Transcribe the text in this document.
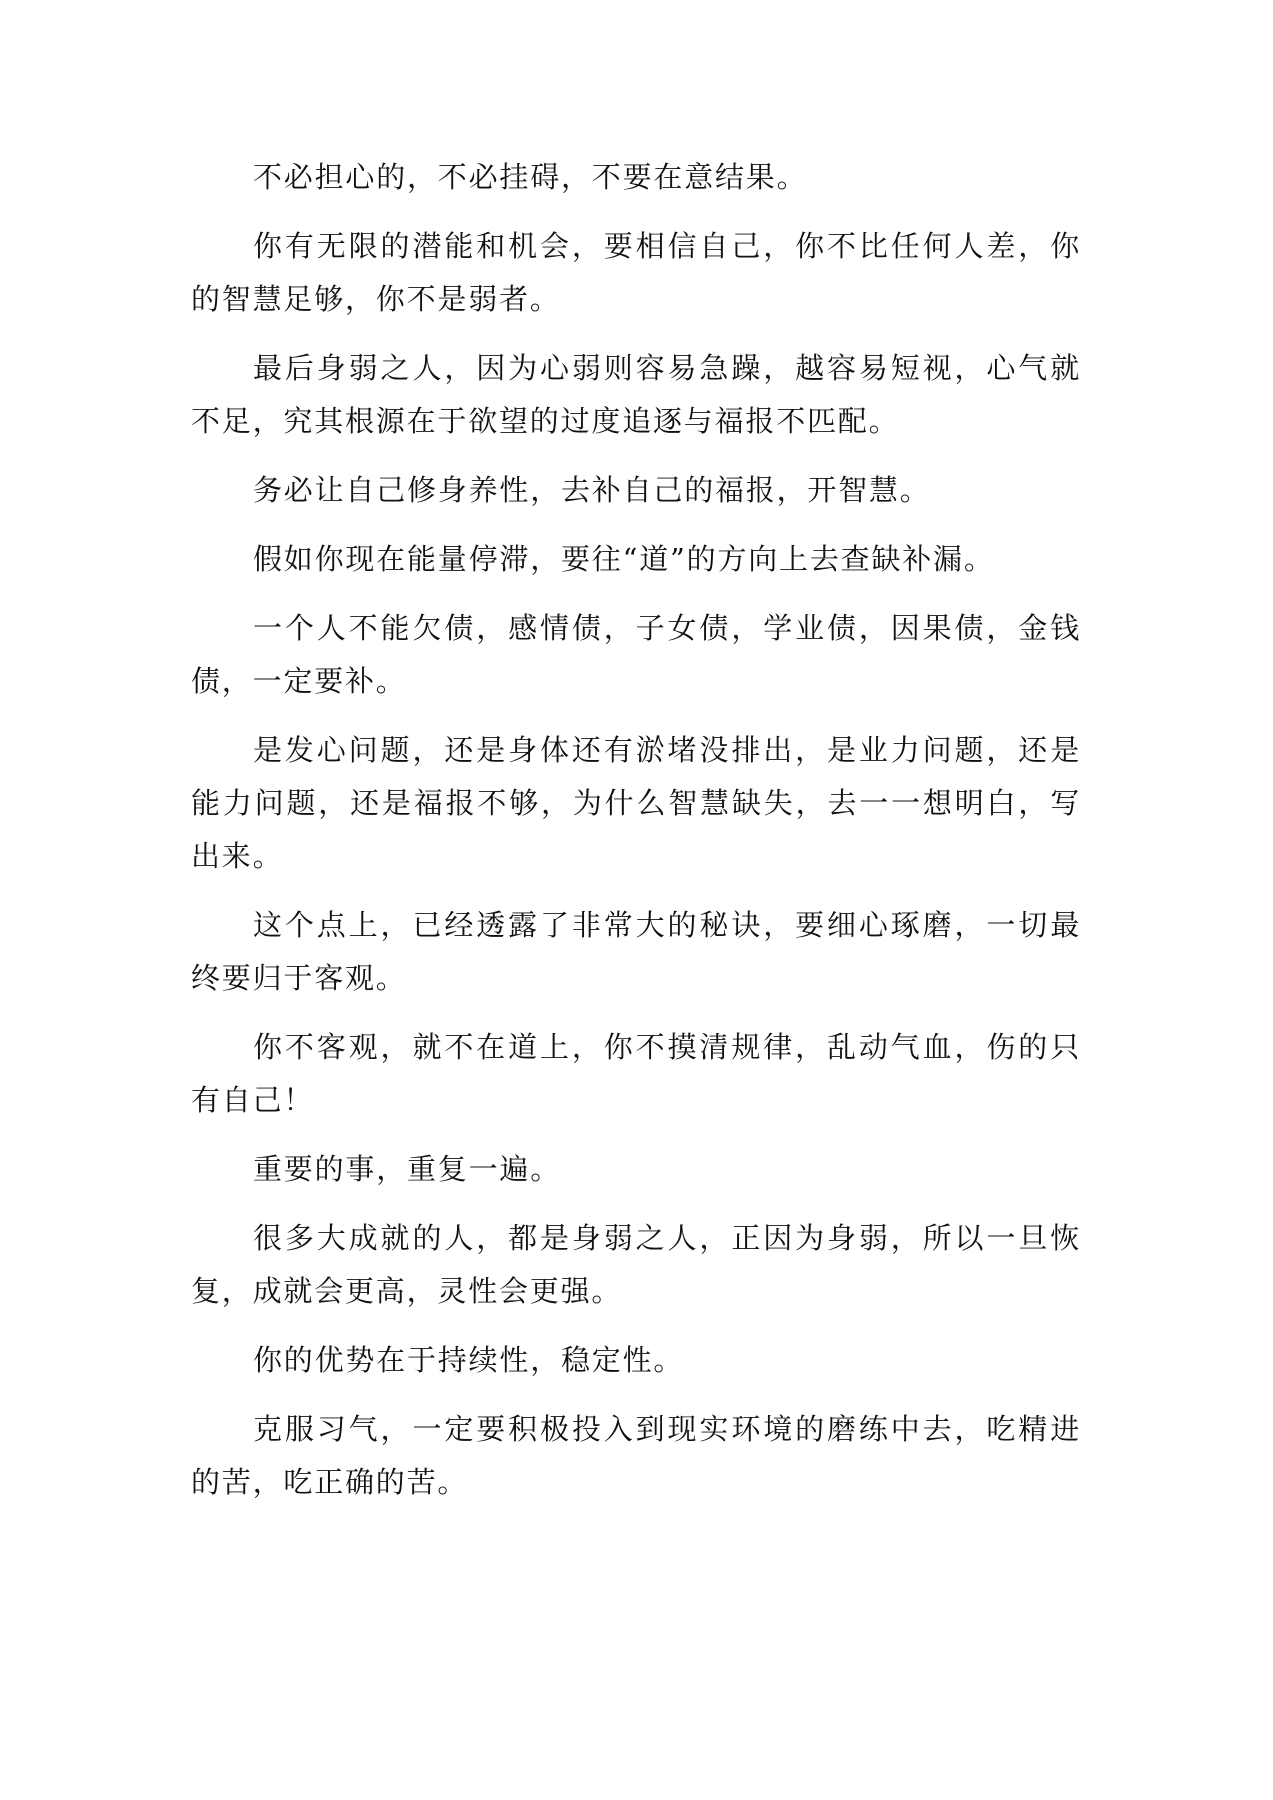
不必担心的，不必挂碍，不要在意结果。

你有无限的潜能和机会，要相信自己，你不比任何人差，你的智慧足够，你不是弱者。

最后身弱之人，因为心弱则容易急躁，越容易短视，心气就不足，究其根源在于欲望的过度追逐与福报不匹配。

务必让自己修身养性，去补自己的福报，开智慧。

假如你现在能量停滞，要往“道”的方向上去查缺补漏。

一个人不能欠债，感情债，子女债，学业债，因果债，金钱债，一定要补。

是发心问题，还是身体还有淤堵没排出，是业力问题，还是能力问题，还是福报不够，为什么智慧缺失，去一一想明白，写出来。

这个点上，已经透露了非常大的秘诀，要细心琢磨，一切最终要归于客观。

你不客观，就不在道上，你不摸清规律，乱动气血，伤的只有自己！

重要的事，重复一遍。

很多大成就的人，都是身弱之人，正因为身弱，所以一旦恢复，成就会更高，灵性会更强。

你的优势在于持续性，稳定性。

克服习气，一定要积极投入到现实环境的磨练中去，吃精进的苦，吃正确的苦。
